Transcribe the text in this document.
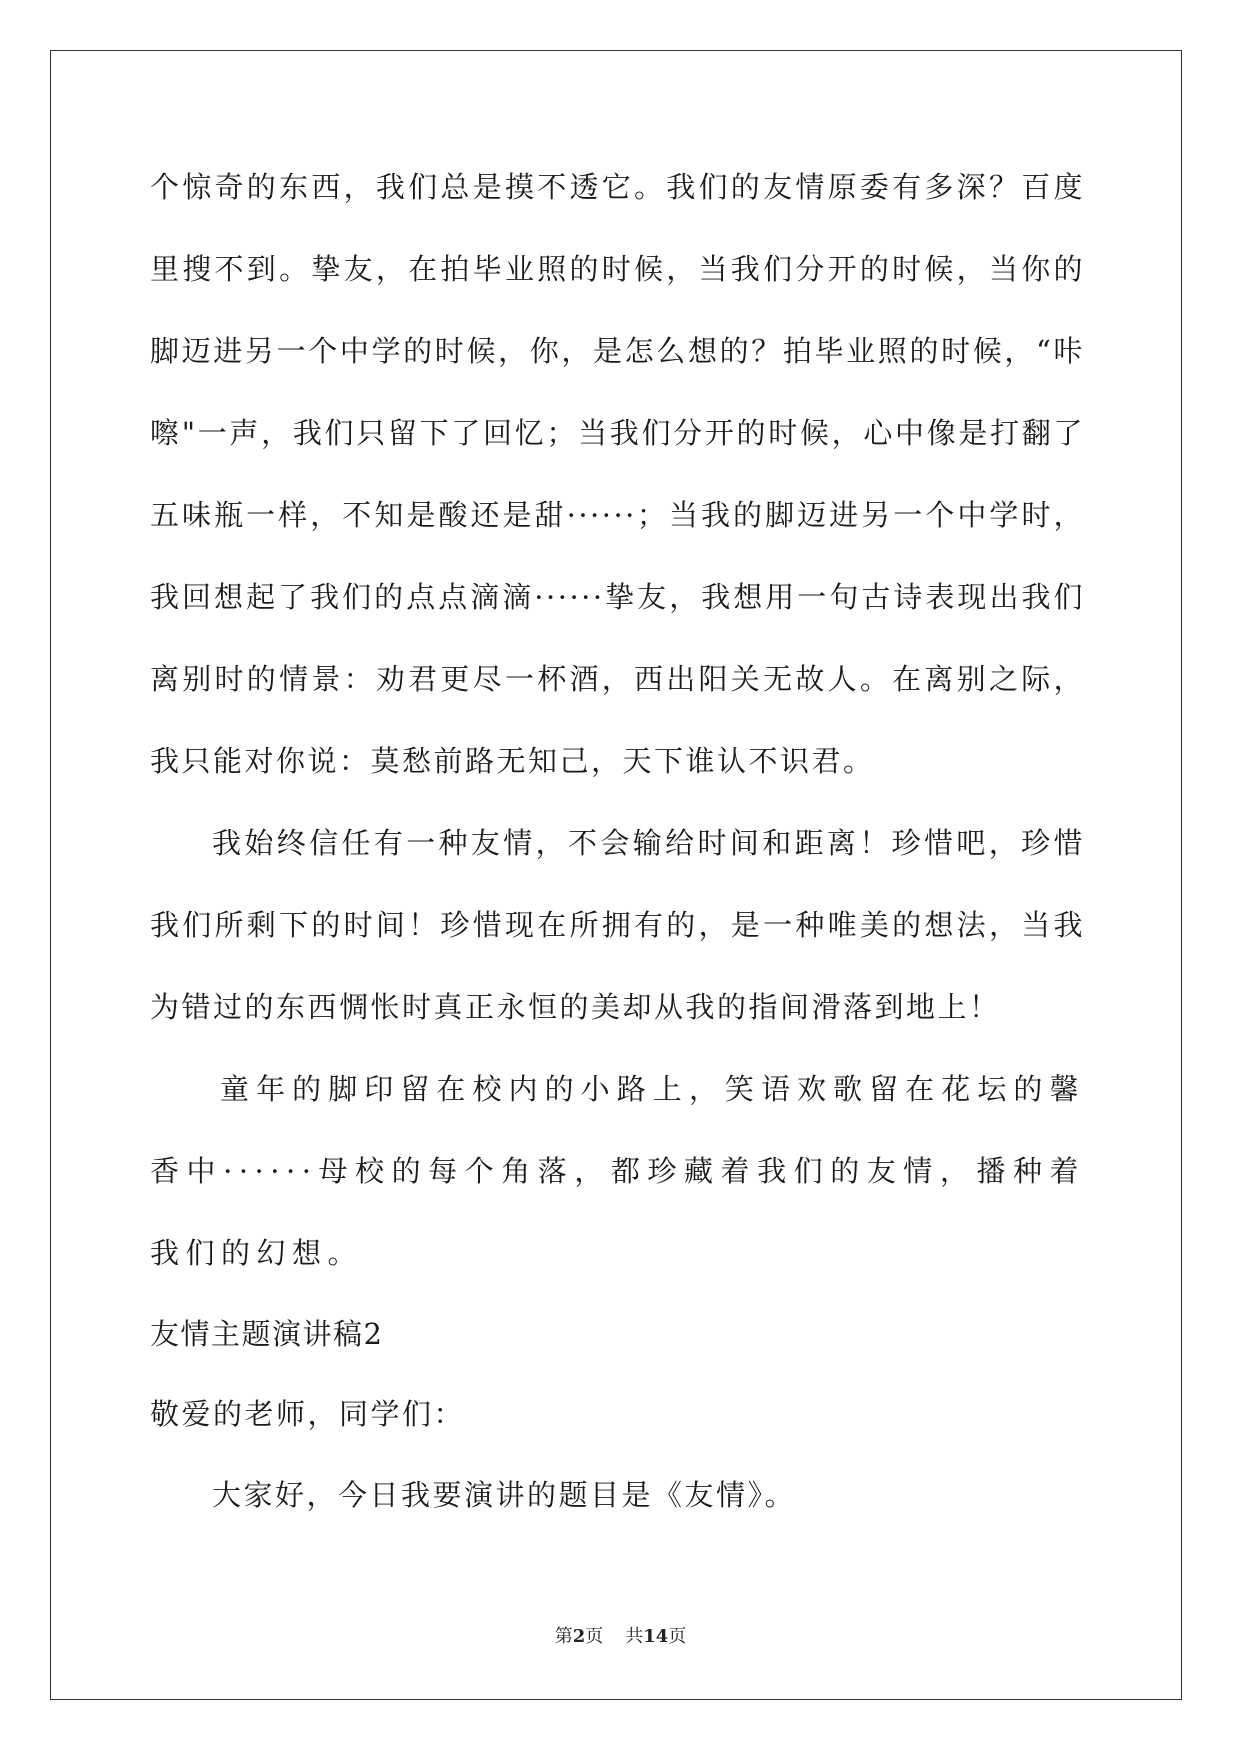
个惊奇的东西，我们总是摸不透它。我们的友情原委有多深？百度里搜不到。挚友，在拍毕业照的时候，当我们分开的时候，当你的脚迈进另一个中学的时候，你，是怎么想的？拍毕业照的时候，“咔嚓"一声，我们只留下了回忆；当我们分开的时候，心中像是打翻了五味瓶一样，不知是酸还是甜······；当我的脚迈进另一个中学时，我回想起了我们的点点滴滴······挚友，我想用一句古诗表现出我们离别时的情景：劝君更尽一杯酒，西出阳关无故人。在离别之际，我只能对你说：莫愁前路无知己，天下谁认不识君。

我始终信任有一种友情，不会输给时间和距离！珍惜吧，珍惜我们所剩下的时间！珍惜现在所拥有的，是一种唯美的想法，当我为错过的东西惆怅时真正永恒的美却从我的指间滑落到地上！

童年的脚印留在校内的小路上，笑语欢歌留在花坛的馨香中······母校的每个角落，都珍藏着我们的友情，播种着我们的幻想。

友情主题演讲稿2

敬爱的老师，同学们：

大家好，今日我要演讲的题目是《友情》。

第2页 共14页
